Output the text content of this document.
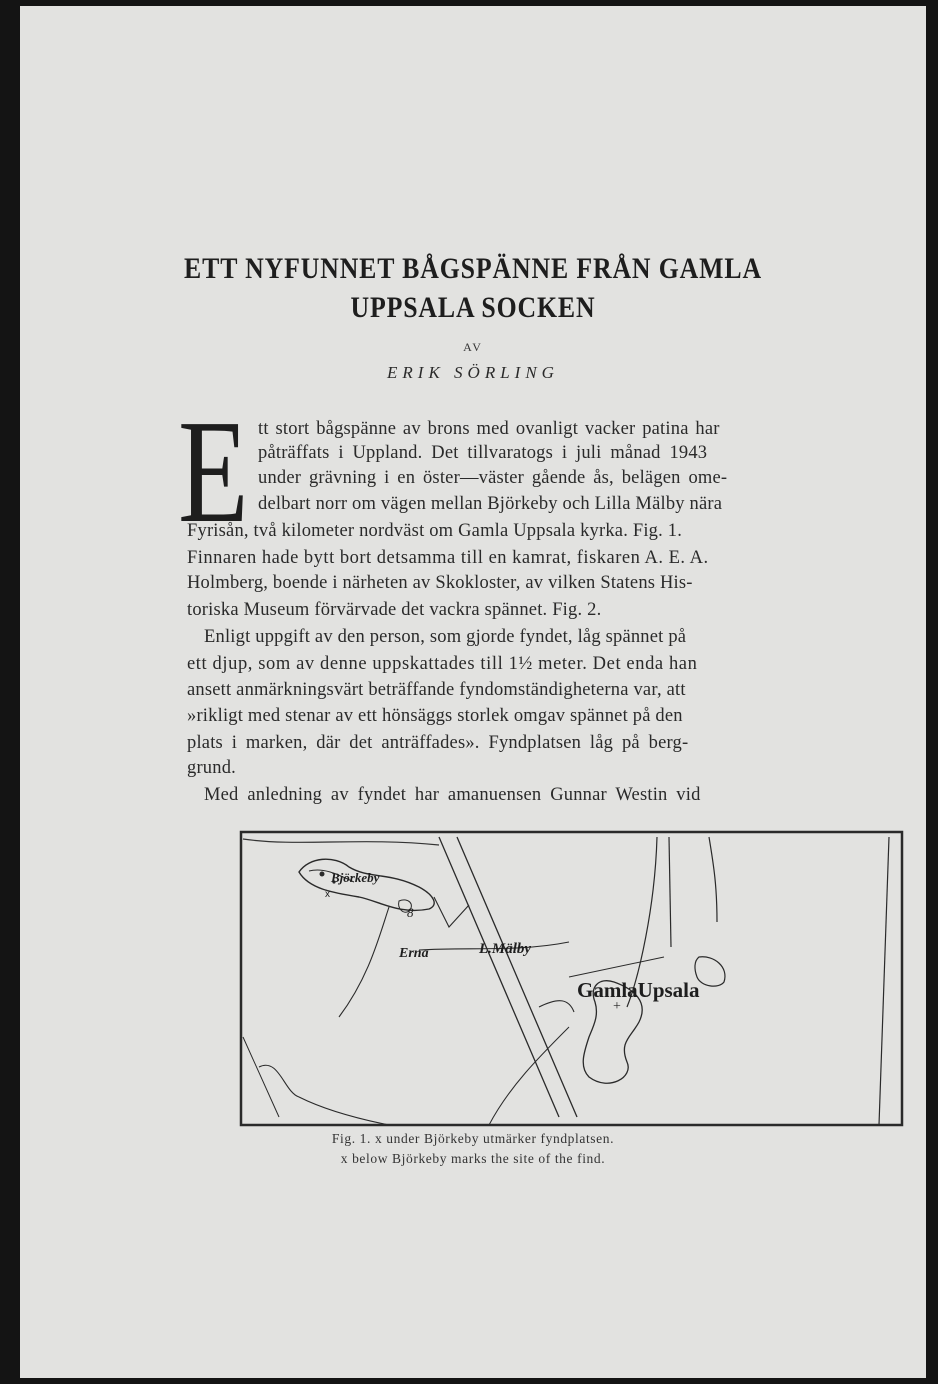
ETT NYFUNNET BÅGSPÄNNE FRÅN GAMLA
UPPSALA SOCKEN
AV
ERIK SÖRLING
E tt stort bågspänne av brons med ovanligt vacker patina har
påträffats i Uppland. Det tillvaratogs i juli månad 1943
under grävning i en öster—väster gående ås, belägen ome-
delbart norr om vägen mellan Björkeby och Lilla Mälby nära
Fyrisån, två kilometer nordväst om Gamla Uppsala kyrka. Fig. 1.
Finnaren hade bytt bort detsamma till en kamrat, fiskaren A. E. A.
Holmberg, boende i närheten av Skokloster, av vilken Statens His-
toriska Museum förvärvade det vackra spännet. Fig. 2.
Enligt uppgift av den person, som gjorde fyndet, låg spännet på
ett djup, som av denne uppskattades till 1½ meter. Det enda han
ansett anmärkningsvärt beträffande fyndomständigheterna var, att
»rikligt med stenar av ett hönsäggs storlek omgav spännet på den
plats i marken, där det anträffades». Fyndplatsen låg på berg-
grund.
Med anledning av fyndet har amanuensen Gunnar Westin vid
+
Björkeby
8
Erna	L.Mälby
GamlaUpsala
x
Fig. 1. x under Björkeby utmärker fyndplatsen.
x below Björkeby marks the site of the find.
